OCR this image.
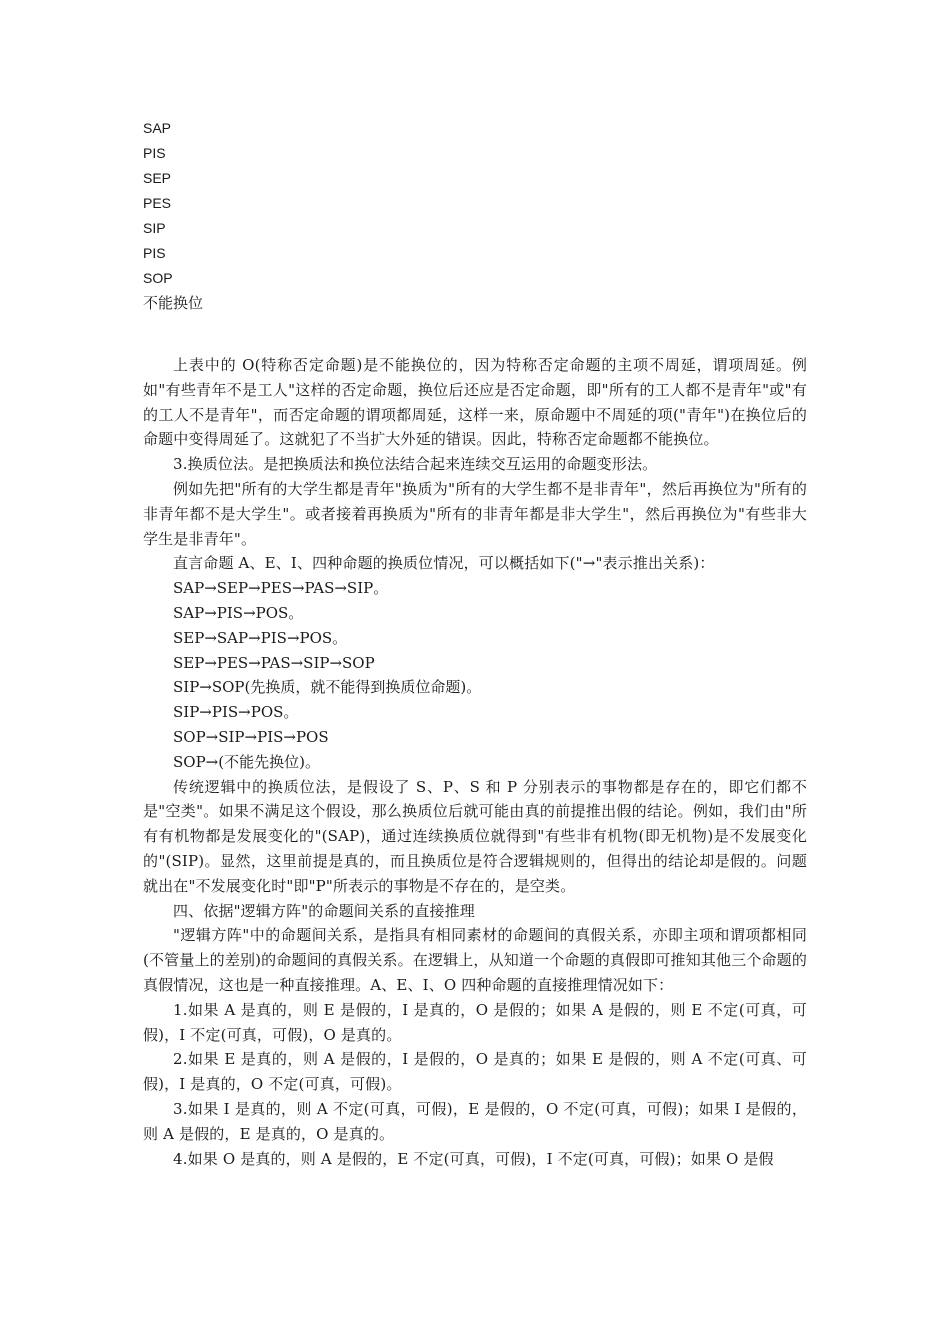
SAP
PIS
SEP
PES
SIP
PIS
SOP
不能换位

上表中的 O(特称否定命题)是不能换位的，因为特称否定命题的主项不周延，谓项周延。例如"有些青年不是工人"这样的否定命题，换位后还应是否定命题，即"所有的工人都不是青年"或"有的工人不是青年"，而否定命题的谓项都周延，这样一来，原命题中不周延的项("青年")在换位后的命题中变得周延了。这就犯了不当扩大外延的错误。因此，特称否定命题都不能换位。

3.换质位法。是把换质法和换位法结合起来连续交互运用的命题变形法。

例如先把"所有的大学生都是青年"换质为"所有的大学生都不是非青年"，然后再换位为"所有的非青年都不是大学生"。或者接着再换质为"所有的非青年都是非大学生"，然后再换位为"有些非大学生是非青年"。

直言命题 A、E、I、四种命题的换质位情况，可以概括如下("→"表示推出关系)：

SAP→SEP→PES→PAS→SIP。
SAP→PIS→POS。
SEP→SAP→PIS→POS。
SEP→PES→PAS→SIP→SOP
SIP→SOP(先换质，就不能得到换质位命题)。
SIP→PIS→POS。
SOP→SIP→PIS→POS
SOP→(不能先换位)。

传统逻辑中的换质位法，是假设了 S、P、S 和 P 分别表示的事物都是存在的，即它们都不是"空类"。如果不满足这个假设，那么换质位后就可能由真的前提推出假的结论。例如，我们由"所有有机物都是发展变化的"(SAP)，通过连续换质位就得到"有些非有机物(即无机物)是不发展变化的"(SIP)。显然，这里前提是真的，而且换质位是符合逻辑规则的，但得出的结论却是假的。问题就出在"不发展变化时"即"P"所表示的事物是不存在的，是空类。

四、依据"逻辑方阵"的命题间关系的直接推理

"逻辑方阵"中的命题间关系，是指具有相同素材的命题间的真假关系，亦即主项和谓项都相同(不管量上的差别)的命题间的真假关系。在逻辑上，从知道一个命题的真假即可推知其他三个命题的真假情况，这也是一种直接推理。A、E、I、O 四种命题的直接推理情况如下：

1.如果 A 是真的，则 E 是假的，I 是真的，O 是假的；如果 A 是假的，则 E 不定(可真，可假)，I 不定(可真，可假)，O 是真的。

2.如果 E 是真的，则 A 是假的，I 是假的，O 是真的；如果 E 是假的，则 A 不定(可真、可假)，I 是真的，O 不定(可真，可假)。

3.如果 I 是真的，则 A 不定(可真，可假)，E 是假的，O 不定(可真，可假)；如果 I 是假的，则 A 是假的，E 是真的，O 是真的。

4.如果 O 是真的，则 A 是假的，E 不定(可真，可假)，I 不定(可真，可假)；如果 O 是假
